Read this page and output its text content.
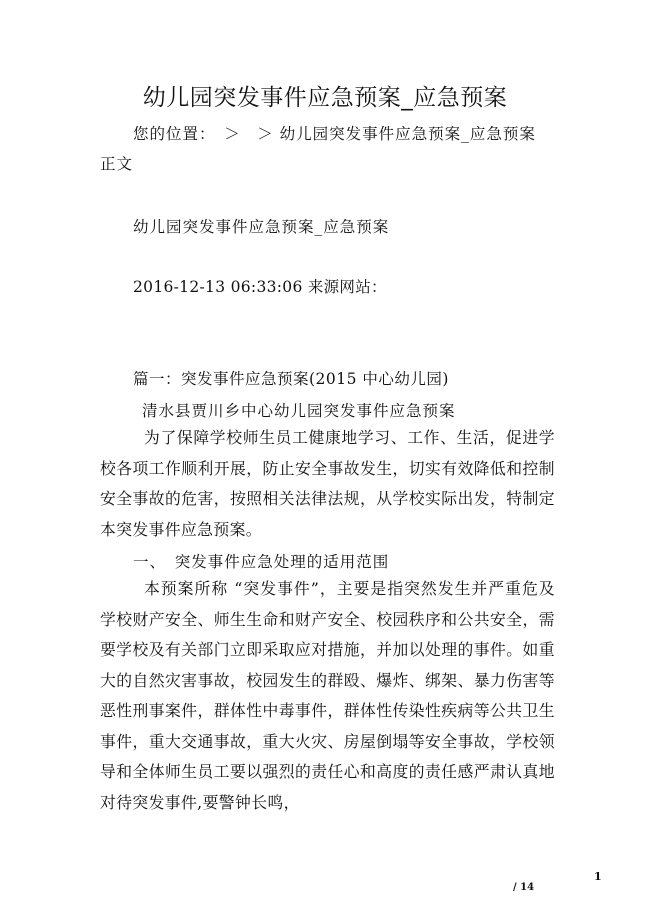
幼儿园突发事件应急预案_应急预案
您的位置：　＞　＞ 幼儿园突发事件应急预案_应急预案
正文
幼儿园突发事件应急预案_应急预案
2016-12-13 06:33:06 来源网站：
篇一：突发事件应急预案(2015 中心幼儿园)
清水县贾川乡中心幼儿园突发事件应急预案
为了保障学校师生员工健康地学习、工作、生活，促进学校各项工作顺利开展，防止安全事故发生，切实有效降低和控制安全事故的危害，按照相关法律法规，从学校实际出发，特制定本突发事件应急预案。
一、　突发事件应急处理的适用范围
本预案所称 “突发事件”，主要是指突然发生并严重危及学校财产安全、师生生命和财产安全、校园秩序和公共安全，需要学校及有关部门立即采取应对措施，并加以处理的事件。如重大的自然灾害事故，校园发生的群殴、爆炸、绑架、暴力伤害等恶性刑事案件，群体性中毒事件，群体性传染性疾病等公共卫生事件，重大交通事故，重大火灾、房屋倒塌等安全事故，学校领导和全体师生员工要以强烈的责任心和高度的责任感严肃认真地对待突发事件,要警钟长鸣，
1
/ 14
